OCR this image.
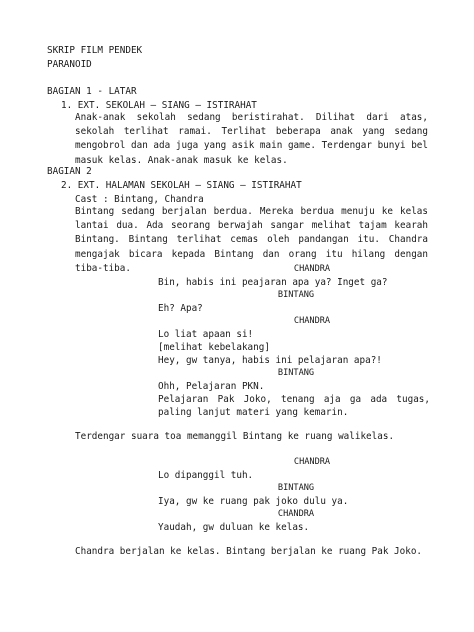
SKRIP FILM PENDEK
PARANOID
BAGIAN 1 - LATAR
1. EXT. SEKOLAH – SIANG – ISTIRAHAT
Anak-anak sekolah sedang beristirahat. Dilihat dari atas, sekolah terlihat ramai. Terlihat beberapa anak yang sedang mengobrol dan ada juga yang asik main game. Terdengar bunyi bel masuk kelas. Anak-anak masuk ke kelas.
BAGIAN 2
2. EXT. HALAMAN SEKOLAH – SIANG – ISTIRAHAT
Cast : Bintang, Chandra
Bintang sedang berjalan berdua. Mereka berdua menuju ke kelas lantai dua. Ada seorang berwajah sangar melihat tajam kearah Bintang. Bintang terlihat cemas oleh pandangan itu. Chandra mengajak bicara kepada Bintang dan orang itu hilang dengan tiba-tiba.	CHANDRA
Bin, habis ini peajaran apa ya? Inget ga?
BINTANG
Eh? Apa?
CHANDRA
Lo liat apaan si!
[melihat kebelakang]
Hey, gw tanya, habis ini pelajaran apa?!
BINTANG
Ohh, Pelajaran PKN.
Pelajaran Pak Joko, tenang aja ga ada tugas, paling lanjut materi yang kemarin.
Terdengar suara toa memanggil Bintang ke ruang walikelas.
CHANDRA
Lo dipanggil tuh.
BINTANG
Iya, gw ke ruang pak joko dulu ya.
CHANDRA
Yaudah, gw duluan ke kelas.
Chandra berjalan ke kelas. Bintang berjalan ke ruang Pak Joko.
